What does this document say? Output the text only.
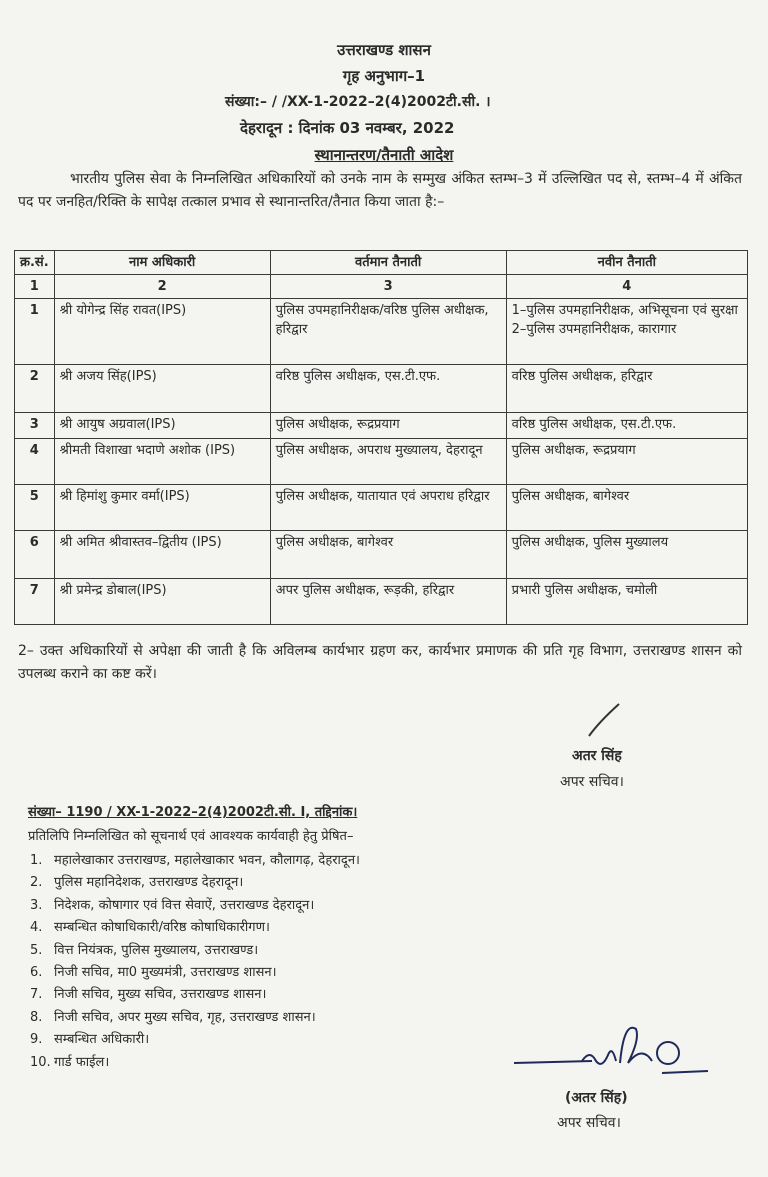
उत्तराखण्ड शासन
गृह अनुभाग–1
संख्या:– / /XX-1-2022–2(4)2002टी.सी. ।
देहरादून : दिनांक 03 नवम्बर, 2022
स्थानान्तरण/तैनाती आदेश
भारतीय पुलिस सेवा के निम्नलिखित अधिकारियों को उनके नाम के सम्मुख अंकित स्तम्भ–3 में उल्लिखित पद से, स्तम्भ–4 में अंकित पद पर जनहित/रिक्ति के सापेक्ष तत्काल प्रभाव से स्थानान्तरित/तैनात किया जाता है:–
क्र.सं.	नाम अधिकारी	वर्तमान तैनाती	नवीन तैनाती
1	2	3	4
1	श्री योगेन्द्र सिंह रावत(IPS)	पुलिस उपमहानिरीक्षक/वरिष्ठ पुलिस अधीक्षक, हरिद्वार	1–पुलिस उपमहानिरीक्षक, अभिसूचना एवं सुरक्षा 2–पुलिस उपमहानिरीक्षक, कारागार
2	श्री अजय सिंह(IPS)	वरिष्ठ पुलिस अधीक्षक, एस.टी.एफ.	वरिष्ठ पुलिस अधीक्षक, हरिद्वार
3	श्री आयुष अग्रवाल(IPS)	पुलिस अधीक्षक, रूद्रप्रयाग	वरिष्ठ पुलिस अधीक्षक, एस.टी.एफ.
4	श्रीमती विशाखा भदाणे अशोक (IPS)	पुलिस अधीक्षक, अपराध मुख्यालय, देहरादून	पुलिस अधीक्षक, रूद्रप्रयाग
5	श्री हिमांशु कुमार वर्मा(IPS)	पुलिस अधीक्षक, यातायात एवं अपराध हरिद्वार	पुलिस अधीक्षक, बागेश्वर
6	श्री अमित श्रीवास्तव–द्वितीय (IPS)	पुलिस अधीक्षक, बागेश्वर	पुलिस अधीक्षक, पुलिस मुख्यालय
7	श्री प्रमेन्द्र डोबाल(IPS)	अपर पुलिस अधीक्षक, रूड़की, हरिद्वार	प्रभारी पुलिस अधीक्षक, चमोली
2– उक्त अधिकारियों से अपेक्षा की जाती है कि अविलम्ब कार्यभार ग्रहण कर, कार्यभार प्रमाणक की प्रति गृह विभाग, उत्तराखण्ड शासन को उपलब्ध कराने का कष्ट करें।
अतर सिंह
अपर सचिव।
संख्या– 1190 / XX-1-2022–2(4)2002टी.सी. I, तद्दिनांक।
प्रतिलिपि निम्नलिखित को सूचनार्थ एवं आवश्यक कार्यवाही हेतु प्रेषित–
1. महालेखाकार उत्तराखण्ड, महालेखाकार भवन, कौलागढ़, देहरादून।
2. पुलिस महानिदेशक, उत्तराखण्ड देहरादून।
3. निदेशक, कोषागार एवं वित्त सेवाऐं, उत्तराखण्ड देहरादून।
4. सम्बन्धित कोषाधिकारी/वरिष्ठ कोषाधिकारीगण।
5. वित्त नियंत्रक, पुलिस मुख्यालय, उत्तराखण्ड।
6. निजी सचिव, मा0 मुख्यमंत्री, उत्तराखण्ड शासन।
7. निजी सचिव, मुख्य सचिव, उत्तराखण्ड शासन।
8. निजी सचिव, अपर मुख्य सचिव, गृह, उत्तराखण्ड शासन।
9. सम्बन्धित अधिकारी।
10. गार्ड फाईल।
(अतर सिंह)
अपर सचिव।
